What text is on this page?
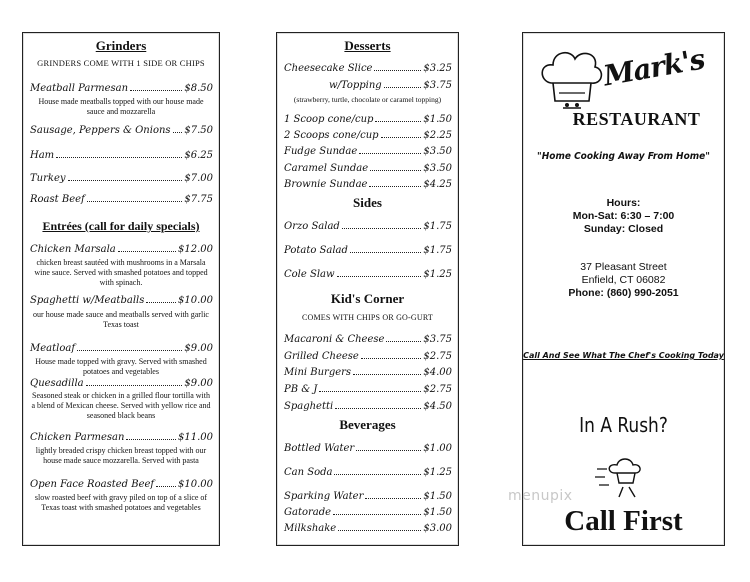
Grinders
GRINDERS COME WITH 1 SIDE OR CHIPS
Meatball Parmesan	$8.50
House made meatballs topped with our house made sauce and mozzarella
Sausage, Peppers & Onions $7.50
Ham	$6.25
Turkey	$7.00
Roast Beef	$7.75
Entrées (call for daily specials)
Chicken Marsala	$12.00
chicken breast sautéed with mushrooms in a Marsala wine sauce. Served with smashed potatoes and topped with spinach.
Spaghetti w/Meatballs	$10.00
our house made sauce and meatballs served with garlic Texas toast
Meatloaf	$9.00
House made topped with gravy. Served with smashed potatoes and vegetables
Quesadilla	$9.00
Seasoned steak or chicken in a grilled flour tortilla with a blend of Mexican cheese. Served with yellow rice and seasoned black beans
Chicken Parmesan	$11.00
lightly breaded crispy chicken breast topped with our house made sauce mozzarella. Served with pasta
Open Face Roasted Beef $10.00
slow roasted beef with gravy piled on top of a slice of Texas toast with smashed potatoes and vegetables
Desserts
Cheesecake Slice	$3.25
w/Topping	$3.75
(strawberry, turtle, chocolate or caramel topping)
1 Scoop cone/cup	$1.50
2 Scoops cone/cup	$2.25
Fudge Sundae	$3.50
Caramel Sundae	$3.50
Brownie Sundae	$4.25
Sides
Orzo Salad	$1.75
Potato Salad	$1.75
Cole Slaw	$1.25
Kid's Corner
COMES WITH CHIPS OR GO-GURT
Macaroni & Cheese	$3.75
Grilled Cheese	$2.75
Mini Burgers	$4.00
PB & J	$2.75
Spaghetti	$4.50
Beverages
Bottled Water	$1.00
Can Soda	$1.25
Sparking Water	$1.50
Gatorade	$1.50
Milkshake	$3.00
Mark's
RESTAURANT
"Home Cooking Away From Home"
Hours:
Mon-Sat: 6:30 – 7:00
Sunday: Closed
37 Pleasant Street
Enfield, CT 06082
Phone: (860) 990-2051
Call And See What The Chef's Cooking Today
In A Rush?
Call First
menupix
